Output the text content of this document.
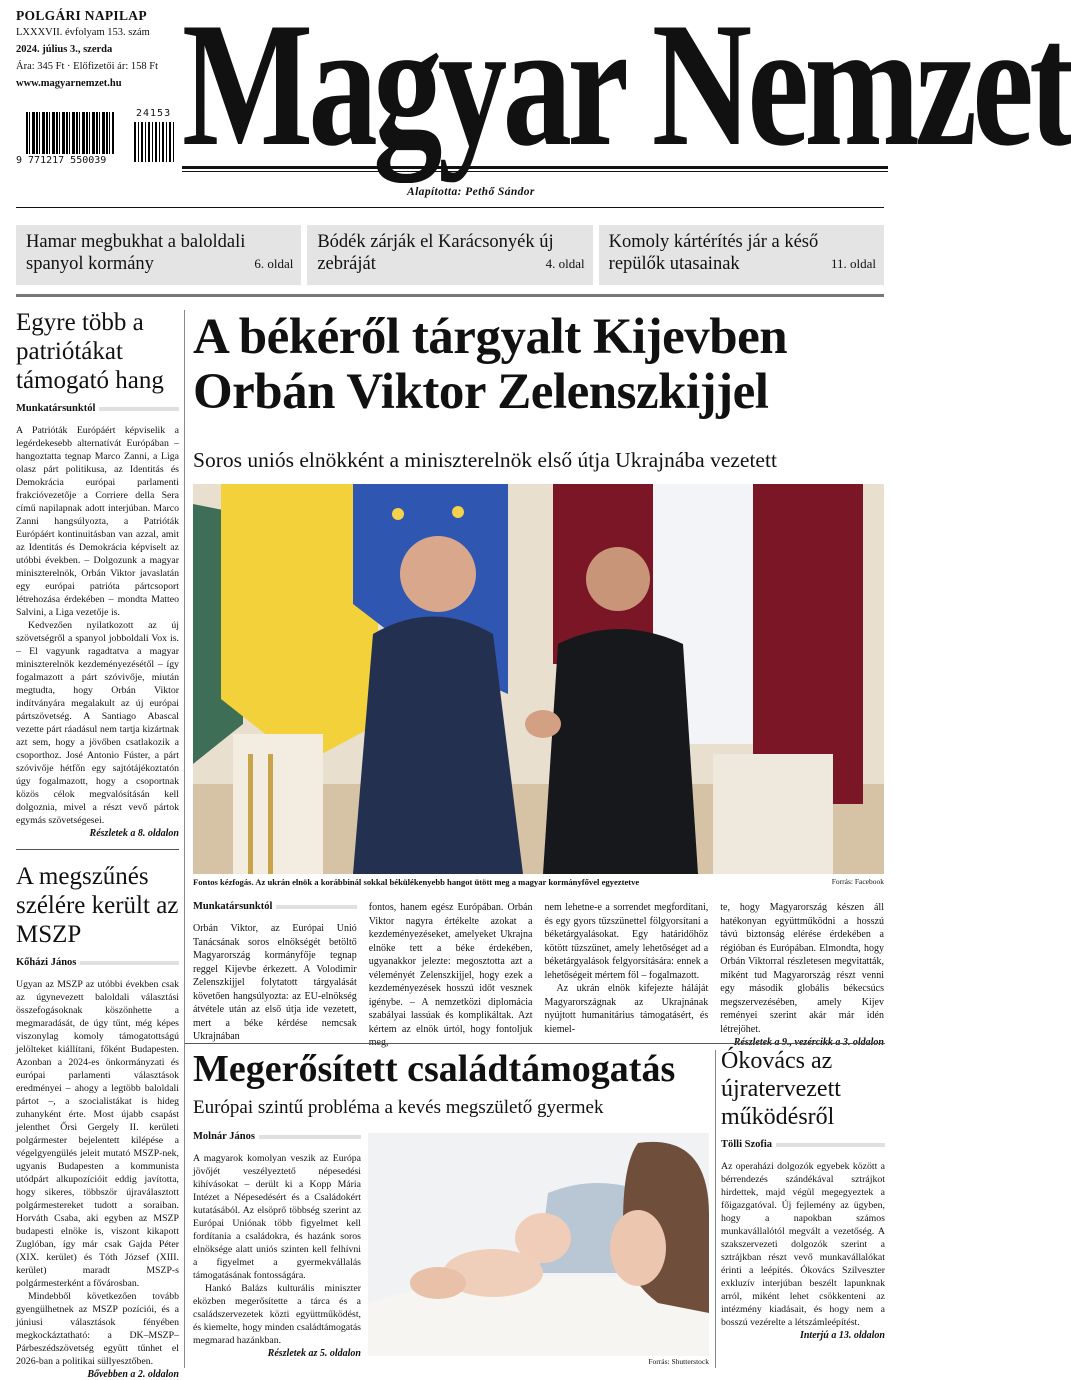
POLGÁRI NAPILAP
LXXXVII. évfolyam 153. szám
2024. július 3., szerda
Ára: 345 Ft · Előfizetői ár: 158 Ft
www.magyarnemzet.hu
9 771217 550039
24153 Magyar Nemzet
Alapította: Pethő Sándor
Hamar megbukhat a baloldali spanyol kormány	6. oldal
Bódék zárják el Karácsonyék új zebráját	4. oldal
Komoly kártérítés jár a késő repülők utasainak	11. oldal
Egyre több a patriótákat támogató hang
Munkatársunktól

A Patrióták Európáért képviselik a legérdekesebb alternatívát Európában – hangoztatta tegnap Marco Zanni, a Liga olasz párt politikusa, az Identitás és Demokrácia európai parlamenti frakcióvezetője a Corriere della Sera című napilapnak adott interjúban. Marco Zanni hangsúlyozta, a Patrióták Európáért kontinuitásban van azzal, amit az Identitás és Demokrácia képviselt az utóbbi években. – Dolgozunk a magyar miniszterelnök, Orbán Viktor javaslatán egy európai patrióta pártcsoport létrehozása érdekében – mondta Matteo Salvini, a Liga vezetője is.

Kedvezően nyilatkozott az új szövetségről a spanyol jobboldali Vox is. – El vagyunk ragadtatva a magyar miniszterelnök kezdeményezésétől – így fogalmazott a párt szóvivője, miután megtudta, hogy Orbán Viktor indítványára megalakult az új európai pártszövetség. A Santiago Abascal vezette párt ráadásul nem tartja kizártnak azt sem, hogy a jövőben csatlakozik a csoporthoz. José Antonio Fúster, a párt szóvivője hétfőn egy sajtótájékoztatón úgy fogalmazott, hogy a csoportnak közös célok megvalósításán kell dolgoznia, mivel a részt vevő pártok egymás szövetségesei.

Részletek a 8. oldalon
A megszűnés szélére került az MSZP
Kőházi János

Ugyan az MSZP az utóbbi években csak az úgynevezett baloldali választási összefogásoknak köszönhette a megmaradását, de úgy tűnt, még képes viszonylag komoly támogatottságú jelölteket kiállítani, főként Budapesten. Azonban a 2024-es önkormányzati és európai parlamenti választások eredményei – ahogy a legtöbb baloldali pártot –, a szocialistákat is hideg zuhanyként érte. Most újabb csapást jelenthet Őrsi Gergely II. kerületi polgármester bejelentett kilépése a végelgyengülés jeleit mutató MSZP-nek, ugyanis Budapesten a kommunista utódpárt alkupozícióit eddig javította, hogy sikeres, többször újraválasztott polgármestereket tudott a soraiban. Horváth Csaba, aki egyben az MSZP budapesti elnöke is, viszont kikapott Zuglóban, így már csak Gajda Péter (XIX. kerület) és Tóth József (XIII. kerület) maradt MSZP-s polgármesterként a fővárosban.

Mindebből következően tovább gyengülhetnek az MSZP pozíciói, és a júniusi választások fényében megkockáztatható: a DK–MSZP–Párbeszédszövetség együtt tűnhet el 2026-ban a politikai süllyesztőben.

Bővebben a 2. oldalon
A békéről tárgyalt Kijevben
Orbán Viktor Zelenszkijjel
Soros uniós elnökként a miniszterelnök első útja Ukrajnába vezetett
Fontos kézfogás. Az ukrán elnök a korábbinál sokkal békülékenyebb hangot ütött meg a magyar kormányfővel egyeztetve	Forrás: Facebook
Munkatársunktól

Orbán Viktor, az Európai Unió Tanácsának soros elnökségét betöltő Magyarország kormányfője tegnap reggel Kijevbe érkezett. A Volodimir Zelenszkijjel folytatott tárgyalását követően hangsúlyozta: az EU-elnökség átvétele után az első útja ide vezetett, mert a béke kérdése nemcsak Ukrajnában

fontos, hanem egész Európában. Orbán Viktor nagyra értékelte azokat a kezdeményezéseket, amelyeket Ukrajna elnöke tett a béke érdekében, ugyanakkor jelezte: megosztotta azt a véleményét Zelenszkijjel, hogy ezek a kezdeményezések hosszú időt vesznek igénybe. – A nemzetközi diplomácia szabályai lassúak és komplikáltak. Azt kértem az elnök úrtól, hogy fontoljuk

nem lehetne-e a sorrendet megfordítani, és egy gyors tűzszünettel fölgyorsítani a béketárgyalásokat. Egy határidőhöz kötött tűzszünet, amely lehetőséget ad a béketárgyalások felgyorsítására: ennek a lehetőségeit mértem föl – fogalmazott.

Az ukrán elnök kifejezte háláját Magyarországnak az Ukrajnának nyújtott humanitárius támogatásért, és kiemel-

te, hogy Magyarország készen áll hatékonyan együttműködni a hosszú távú biztonság elérése érdekében a régióban és Európában. Elmondta, hogy Orbán Viktorral részletesen megvitatták, miként tud Magyarország részt venni egy második globális békecsúcs megszervezésében, amely Kijev reményei szerint akár már idén létrejöhet.

Megerősített családtámogatás
Európai szintű probléma a kevés megszülető gyermek
Molnár János

A magyarok komolyan veszik az Európa jövőjét veszélyeztető népesedési kihívásokat – derült ki a Kopp Mária Intézet a Népesedésért és a Családokért kutatásából. Az elsöprő többség szerint az Európai Uniónak több figyelmet kell fordítania a családokra, és hazánk soros elnöksége alatt uniós szinten kell felhívni a figyelmet a gyermekvállalás támogatásának fontosságára.

Hankó Balázs kulturális miniszter eközben megerősítette a tárca és a családszervezetek közti együttműködést, és kiemelte, hogy minden családtámogatás megmarad hazánkban.

Részletek az 5. oldalon
Forrás: Shutterstock
Ókovács az újratervezett működésről
Tölli Szofia

Az operaházi dolgozók egyebek között a bérrendezés szándékával sztrájkot hirdettek, majd végül megegyeztek a főigazgatóval. Új fejlemény az ügyben, hogy a napokban számos munkavállalótól megvált a vezetőség. A szakszervezeti dolgozók szerint a sztrájkban részt vevő munkavállalókat érinti a leépítés. Ókovács Szilveszter exkluzív interjúban beszélt lapunknak arról, miként lehet csökkenteni az intézmény kiadásait, és hogy nem a bosszú vezérelte a létszámleépítést.

Interjú a 13. oldalon
